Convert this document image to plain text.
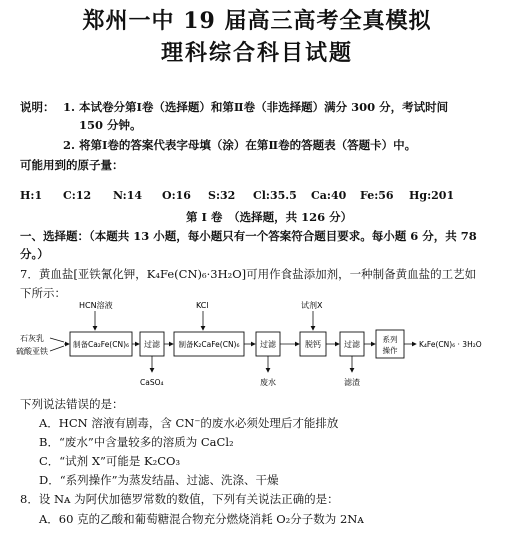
郑州一中 19 届高三高考全真模拟
理科综合科目试题
说明： 1. 本试卷分第Ⅰ卷（选择题）和第Ⅱ卷（非选择题）满分 300 分，考试时间
150 分钟。
2. 将第Ⅰ卷的答案代表字母填（涂）在第Ⅱ卷的答题表（答题卡）中。
可能用到的原子量：
H:1 C:12 N:14 O:16 S:32 Cl:35.5 Ca:40 Fe:56 Hg:201
第 Ⅰ 卷　（选择题，共 126 分）
一、选择题：（本题共 13 小题，每小题只有一个答案符合题目要求。每小题 6 分，共 78
分。）
7．黄血盐[亚铁氰化钾，K₄Fe(CN)₆·3H₂O]可用作食盐添加剂，一种制备黄血盐的工艺如
下所示：
石灰乳
硫酸亚铁
HCN溶液
制备Ca₂Fe(CN)₆ 过滤
CaSO₄
KCl
制备K₂CaFe(CN)₆	过滤
废水
试剂X
脱钙	过滤
滤渣
系列
操作
K₄Fe(CN)₆ · 3H₂O
下列说法错误的是：
A．HCN 溶液有剧毒，含 CN⁻的废水必须处理后才能排放
B．“废水”中含量较多的溶质为 CaCl₂
C．“试剂 X”可能是 K₂CO₃
D．“系列操作”为蒸发结晶、过滤、洗涤、干燥
8．设 Nᴀ 为阿伏加德罗常数的数值，下列有关说法正确的是：
A．60 克的乙酸和葡萄糖混合物充分燃烧消耗 O₂分子数为 2Nᴀ
